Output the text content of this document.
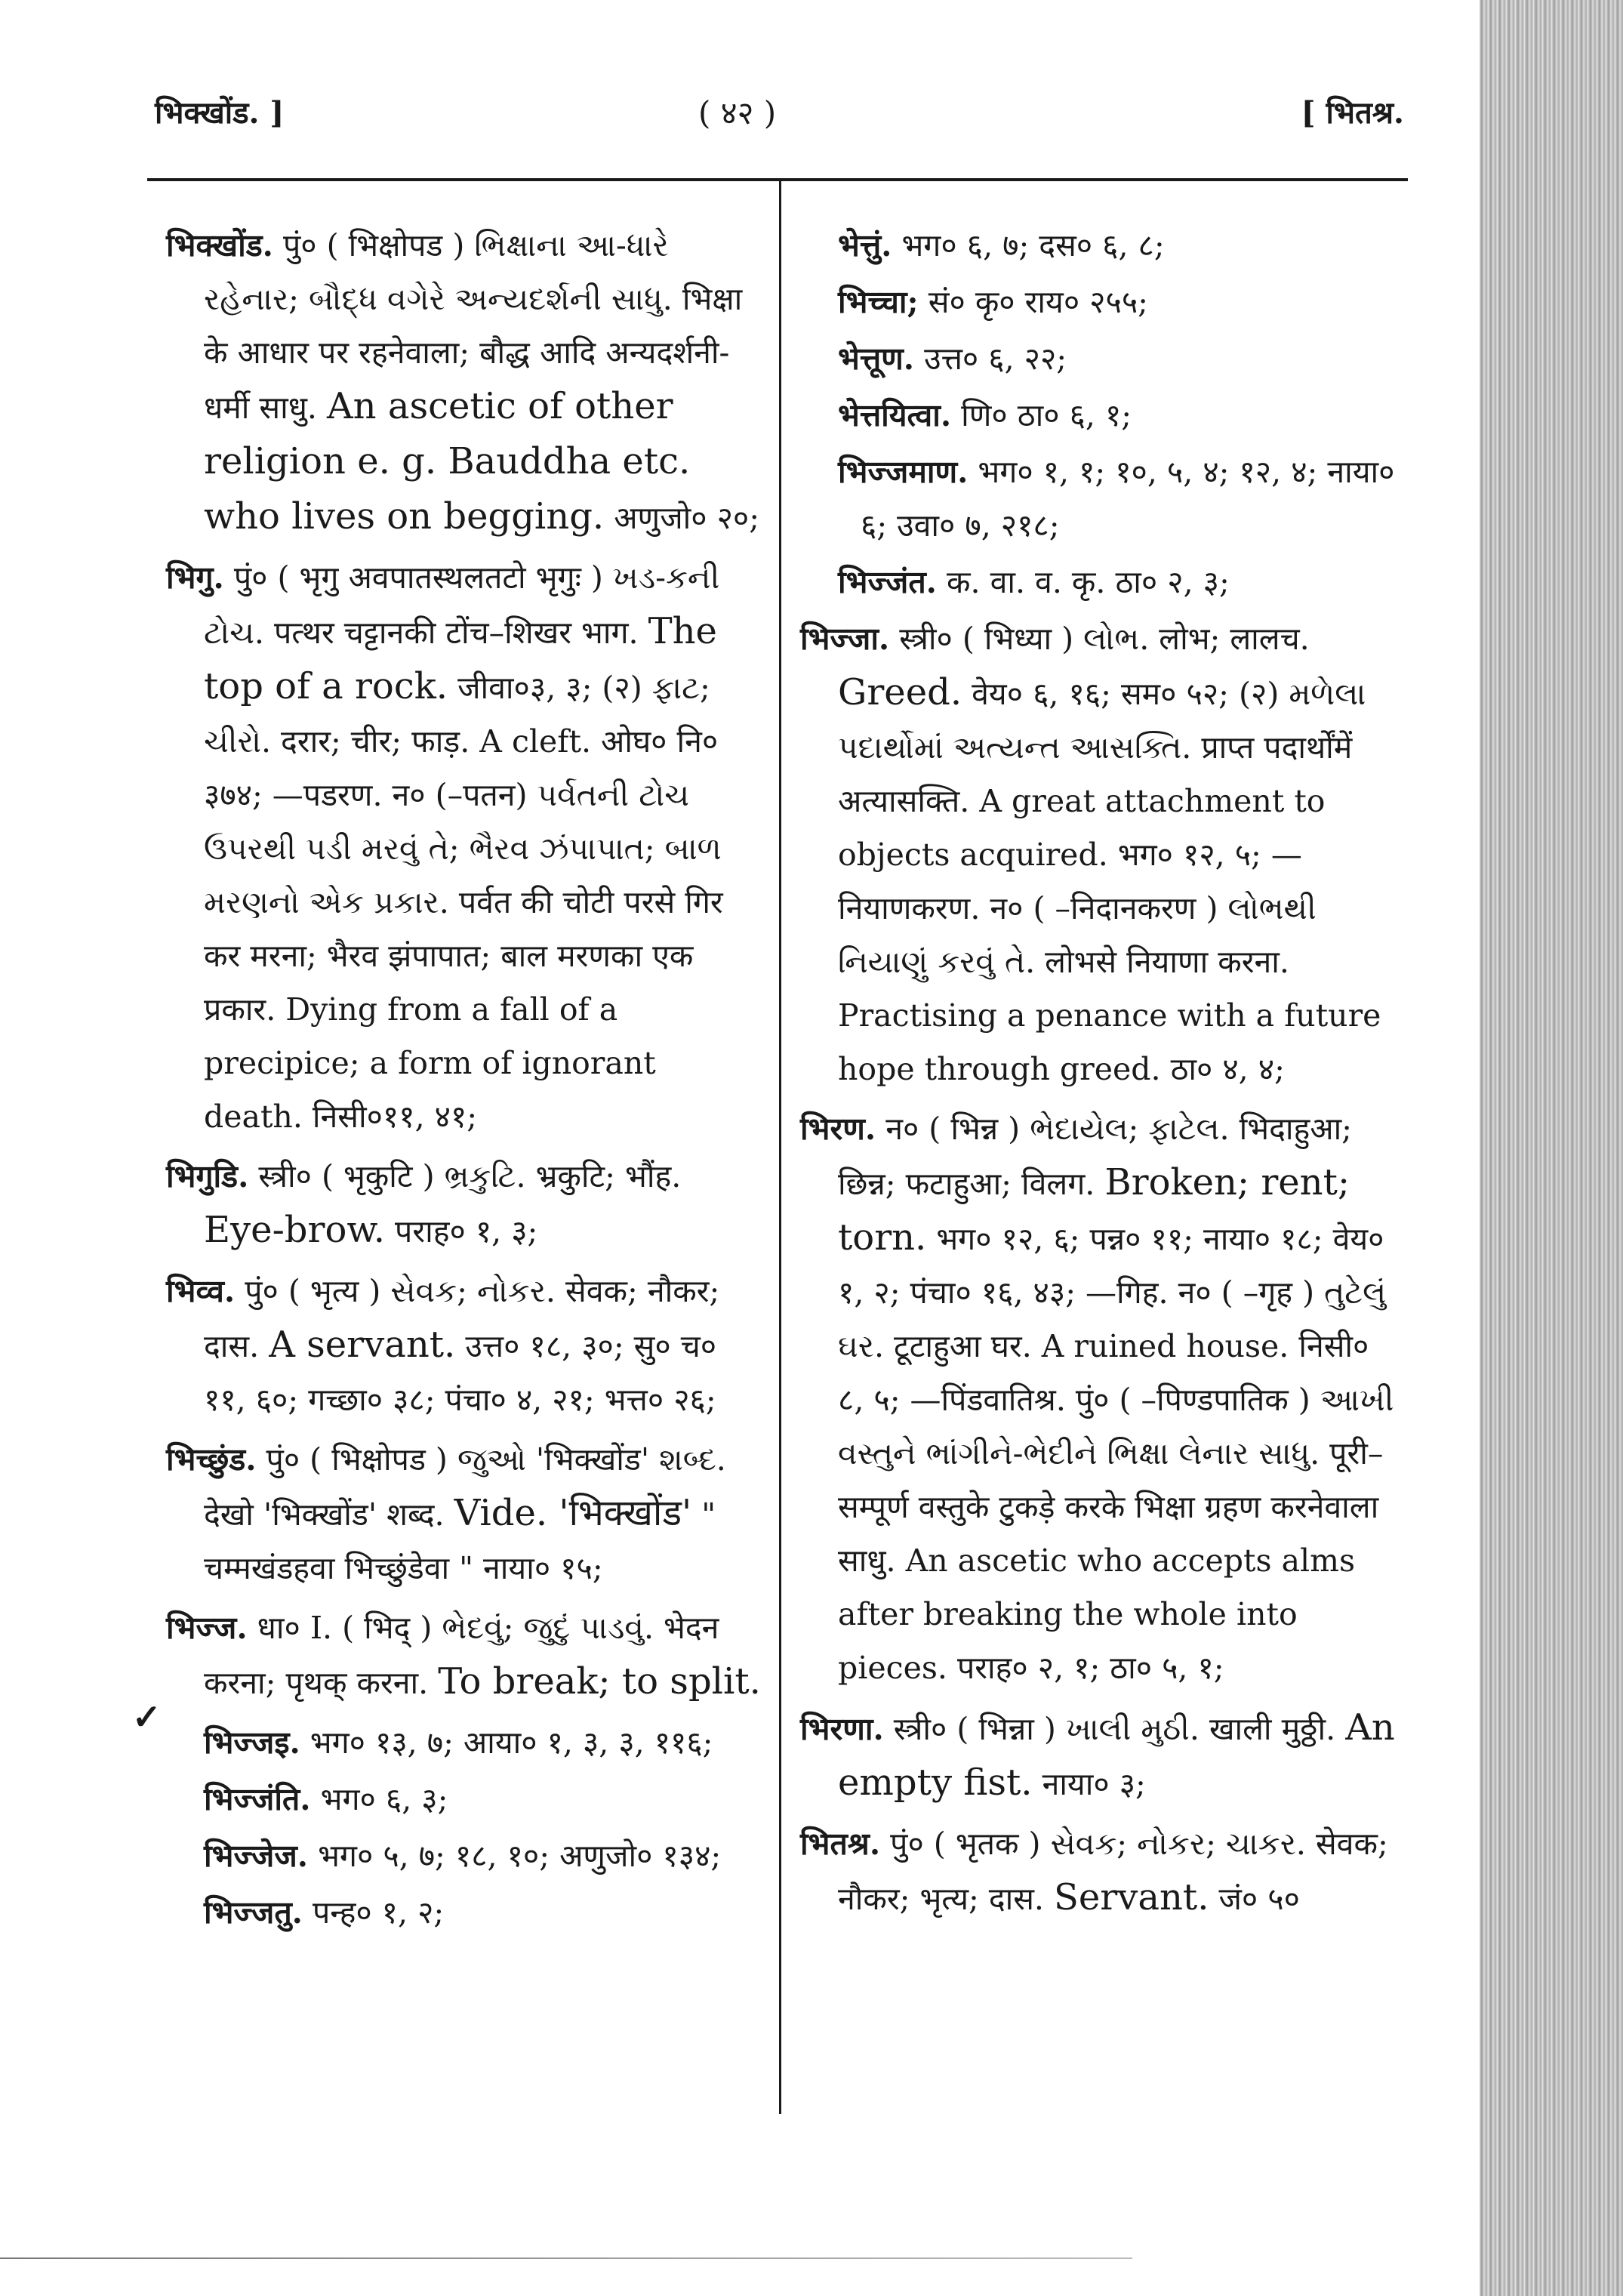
भिक्खोंड. ]	( ४२ )	[ भितश्र.
✓
भिक्खोंड. पुं० ( भिक्षोपड ) ભિક્ષાના આ-ધારે રહેનાર; બૌદ્ધ વગેરે અન્યદર્શની સાધુ. भिक्षा के आधार पर रहनेवाला; बौद्ध आदि अन्यदर्शनी- धर्मी साधु. An ascetic of other religion e. g. Bauddha etc. who lives on begging. अणुजो० २०;
भिगु. पुं० ( भृगु अवपातस्थलतटो भृगुः ) ખડ-કની ટોચ. पत्थर चट्टानकी टोंच–शिखर भाग. The top of a rock. जीवा०३, ३; (२) ફાટ; ચીરો. दरार; चीर; फाड़. A cleft. ओघ० नि० ३७४; —पडरण. न० (–पतन) પર્વતની ટોચ ઉપરથી પડી મરવું તે; ભૈરવ ઝંપાપાત; બાળ મરણનો એક પ્રકાર. पर्वत की चोटी परसे गिर कर मरना; भैरव झंपापात; बाल मरणका एक प्रकार. Dying from a fall of a precipice; a form of ignorant death. निसी०११, ४१;
भिगुडि. स्त्री० ( भृकुटि ) ભ્રકુટિ. भ्रकुटि; भौंह. Eye-brow. पराह० १, ३;
भिव्व. पुं० ( भृत्य ) સેવક; નોકર. सेवक; नौकर; दास. A servant. उत्त० १८, ३०; सु० च० ११, ६०; गच्छा० ३८; पंचा० ४, २१; भत्त० २६;
भिच्छुंड. पुं० ( भिक्षोपड ) જુઓ 'भिक्खोंड' શબ્દ. देखो 'भिक्खोंड' शब्द. Vide. 'भिक्खोंड' " चम्मखंडहवा भिच्छुंडेवा " नाया० १५;
भिज्ज. धा० I. ( भिद् ) ભેદવું; જુદું પાડવું. भेदन करना; पृथक् करना. To break; to split.
भिज्जइ. भग० १३, ७; आया० १, ३, ३, ११६;
भिज्जंति. भग० ६, ३;
भिज्जेज. भग० ५, ७; १८, १०; अणुजो० १३४;
भिज्जतु. पन्ह० १, २;
भेत्तुं. भग० ६, ७; दस० ६, ८;
भिच्चा; सं० कृ० राय० २५५;
भेत्तूण. उत्त० ६, २२;
भेत्तयित्वा. णि० ठा० ६, १;
भिज्जमाण. भग० १, १; १०, ५, ४; १२, ४; नाया० ६; उवा० ७, २१८;
भिज्जंत. क. वा. व. कृ. ठा० २, ३;
भिज्जा. स्त्री० ( भिध्या ) લોભ. लोभ; लालच. Greed. वेय० ६, १६; सम० ५२; (२) મળેલા પદાર્થોમાં અત્યન્ત આસક્તિ. प्राप्त पदार्थोंमें अत्यासक्ति. A great attachment to objects acquired. भग० १२, ५; —नियाणकरण. न० ( –निदानकरण ) લોભથી નિયાણું કરવું તે. लोभसे नियाणा करना. Practising a penance with a future hope through greed. ठा० ४, ४;
भिरण. न० ( भिन्न ) ભેદાયેલ; ફાટેલ. भिदाहुआ; छिन्न; फटाहुआ; विलग. Broken; rent; torn. भग० १२, ६; पन्न० ११; नाया० १८; वेय० १, २; पंचा० १६, ४३; —गिह. न० ( –गृह ) તુટેલું ઘર. टूटाहुआ घर. A ruined house. निसी० ८, ५; —पिंडवातिश्र. पुं० ( –पिण्डपातिक ) આખી વસ્તુને ભાંગીને-ભેદીને ભિક્ષા લેનાર સાધુ. पूरी–सम्पूर्ण वस्तुके टुकड़े करके भिक्षा ग्रहण करनेवाला साधु. An ascetic who accepts alms after breaking the whole into pieces. पराह० २, १; ठा० ५, १;
भिरणा. स्त्री० ( भिन्ना ) ખાલી મુઠી. खाली मुठ्ठी. An empty fist. नाया० ३;
भितश्र. पुं० ( भृतक ) સેવક; નોકર; ચાકર. सेवक; नौकर; भृत्य; दास. Servant. जं० ५०
